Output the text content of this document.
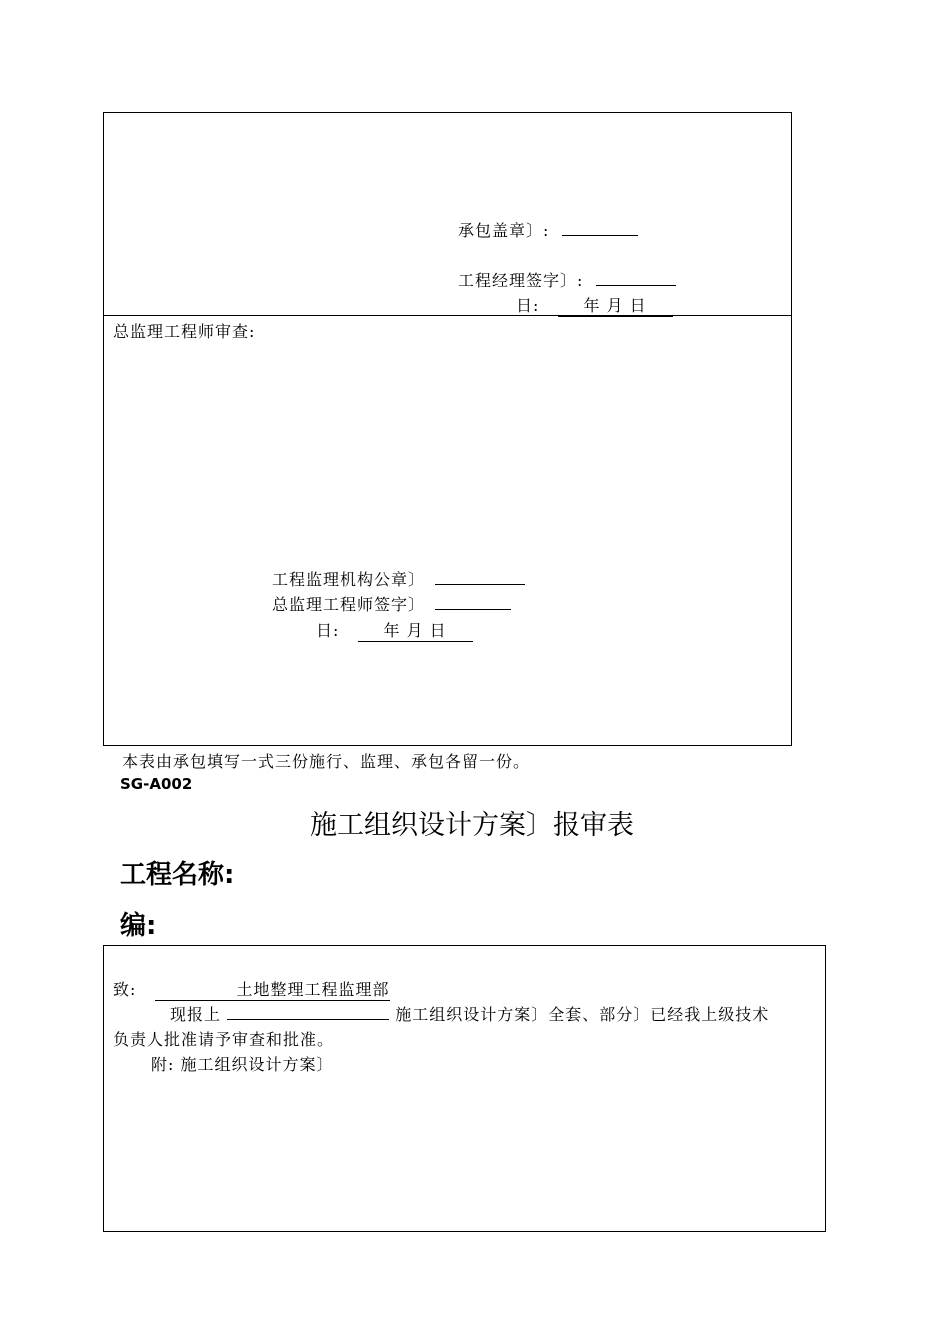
承包盖章〕:
工程经理签字〕:
日:	年 月 日
总监理工程师审查:
工程监理机构公章〕
总监理工程师签字〕
日:	年 月 日
本表由承包填写一式三份施行、监理、承包各留一份。
SG-A002
施工组织设计方案〕报审表
工程名称:
编:
致:	土地整理工程监理部
现报上	施工组织设计方案〕全套、部分〕已经我上级技术
负责人批准请予审查和批准。
附: 施工组织设计方案〕
